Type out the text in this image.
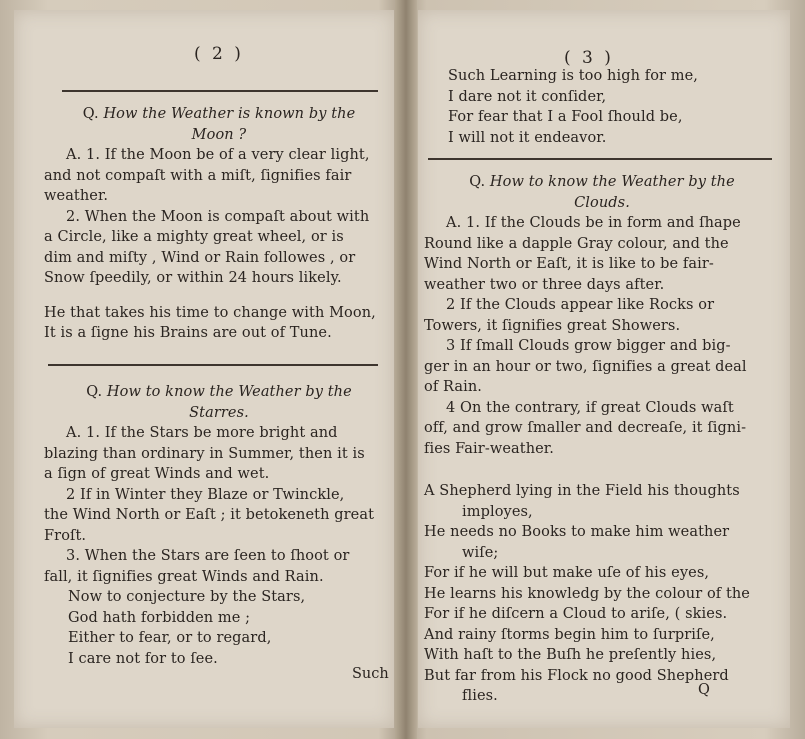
( 2 )

Q. How the Weather is known by the

Moon ?

A. 1. If the Moon be of a very clear light,

and not compaſt with a miſt, ſignifies fair

weather.

2. When the Moon is compaſt about with

a Circle, like a mighty great wheel, or is

dim and miſty , Wind or Rain followes , or

Snow ſpeedily, or within 24 hours likely.

He that takes his time to change with Moon,

It is a ſigne his Brains are out of Tune.

Q. How to know the Weather by the

Starres.

A. 1. If the Stars be more bright and

blazing than ordinary in Summer, then it is

a ſign of great Winds and wet.

2 If in Winter they Blaze or Twinckle,

the Wind North or Eaſt ; it betokeneth great

Froſt.

3. When the Stars are ſeen to ſhoot or

fall, it ſignifies great Winds and Rain.

Now to conjecture by the Stars,

God hath forbidden me ;

Either to fear, or to regard,

I care not for to ſee.

Such
( 3 )

Such Learning is too high for me,

I dare not it conſider,

For fear that I a Fool ſhould be,

I will not it endeavor.

Q. How to know the Weather by the

Clouds.

A. 1. If the Clouds be in form and ſhape

Round like a dapple Gray colour, and the

Wind North or Eaſt, it is like to be fair-

weather two or three days after.

2 If the Clouds appear like Rocks or

Towers, it ſignifies great Showers.

3 If ſmall Clouds grow bigger and big-

ger in an hour or two, ſignifies a great deal

of Rain.

4 On the contrary, if great Clouds waſt

off, and grow ſmaller and decreaſe, it ſigni-

fies Fair-weather.

A Shepherd lying in the Field his thoughts

imployes,

He needs no Books to make him weather

wiſe;

For if he will but make uſe of his eyes,

He learns his knowledg by the colour of the

For if he diſcern a Cloud to ariſe, ( skies.

And rainy ſtorms begin him to ſurpriſe,

With haſt to the Buſh he preſently hies,

But far from his Flock no good Shepherd

flies.	Q
